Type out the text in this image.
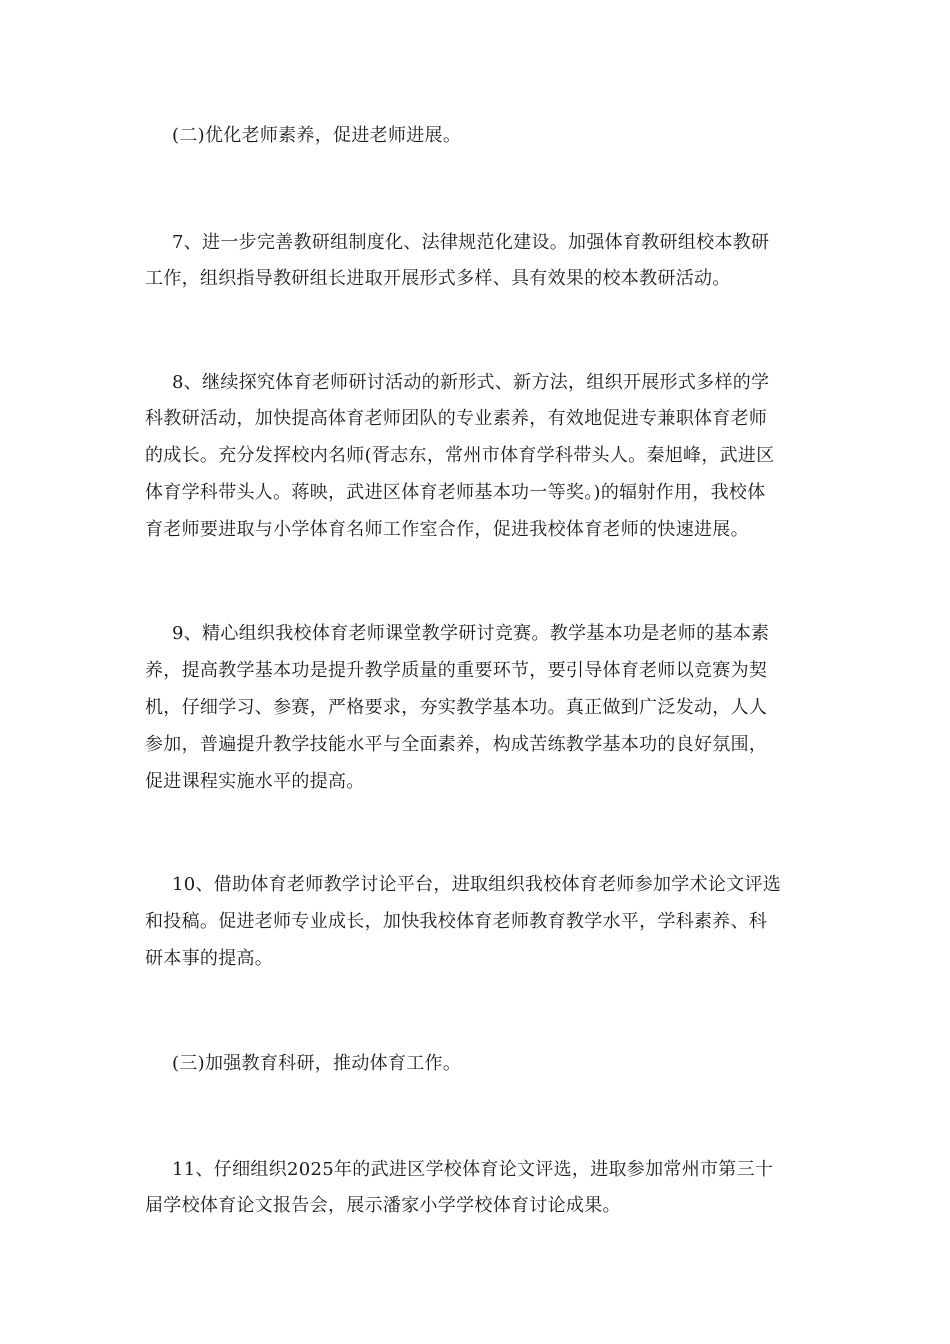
(二)优化老师素养，促进老师进展。
7、进一步完善教研组制度化、法律规范化建设。加强体育教研组校本教研
工作，组织指导教研组长进取开展形式多样、具有效果的校本教研活动。
8、继续探究体育老师研讨活动的新形式、新方法，组织开展形式多样的学
科教研活动，加快提高体育老师团队的专业素养，有效地促进专兼职体育老师
的成长。充分发挥校内名师(胥志东，常州市体育学科带头人。秦旭峰，武进区
体育学科带头人。蒋映，武进区体育老师基本功一等奖。)的辐射作用，我校体
育老师要进取与小学体育名师工作室合作，促进我校体育老师的快速进展。
9、精心组织我校体育老师课堂教学研讨竞赛。教学基本功是老师的基本素
养，提高教学基本功是提升教学质量的重要环节，要引导体育老师以竞赛为契
机，仔细学习、参赛，严格要求，夯实教学基本功。真正做到广泛发动，人人
参加，普遍提升教学技能水平与全面素养，构成苦练教学基本功的良好氛围，
促进课程实施水平的提高。
10、借助体育老师教学讨论平台，进取组织我校体育老师参加学术论文评选
和投稿。促进老师专业成长，加快我校体育老师教育教学水平，学科素养、科
研本事的提高。
(三)加强教育科研，推动体育工作。
11、仔细组织2025年的武进区学校体育论文评选，进取参加常州市第三十
届学校体育论文报告会，展示潘家小学学校体育讨论成果。
